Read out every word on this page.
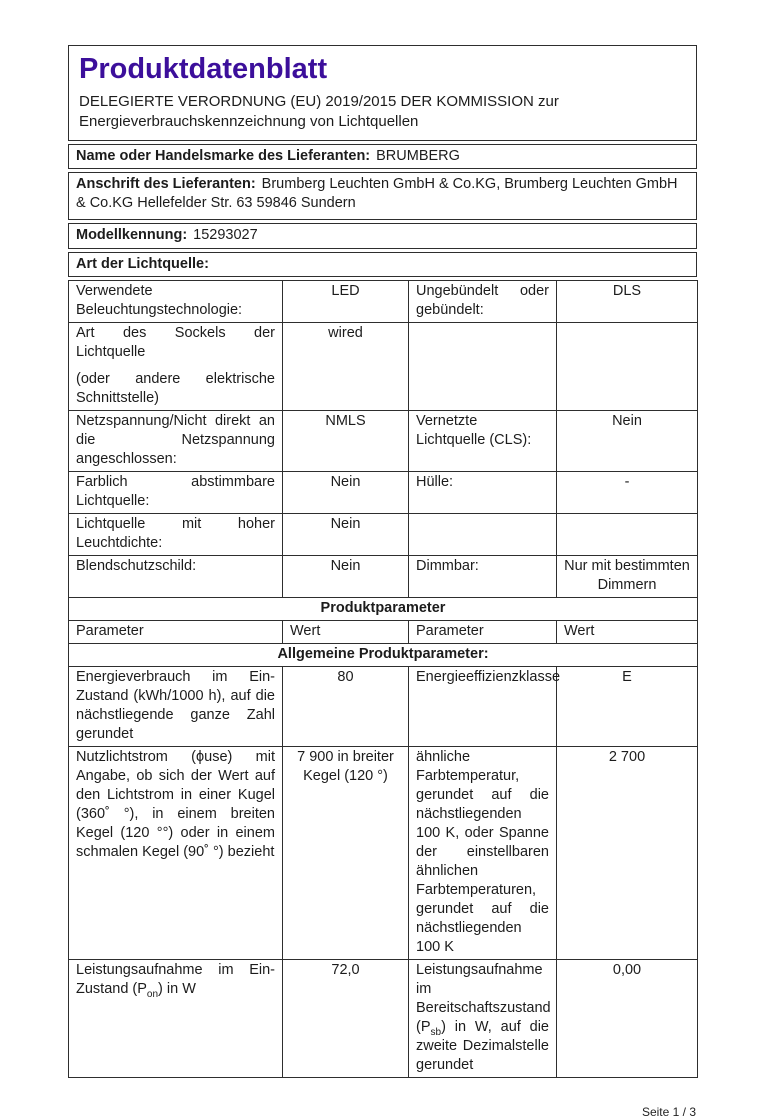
Produktdatenblatt
DELEGIERTE VERORDNUNG (EU) 2019/2015 DER KOMMISSION zur Energieverbrauchskennzeichnung von Lichtquellen
Name oder Handelsmarke des Lieferanten: BRUMBERG
Anschrift des Lieferanten: Brumberg Leuchten GmbH & Co.KG, Brumberg Leuchten GmbH & Co.KG Hellefelder Str. 63 59846 Sundern
Modellkennung: 15293027
Art der Lichtquelle:
Verwendete Beleuchtungstechnologie:	LED	Ungebündelt oder gebündelt:	DLS

Art des Sockels der Lichtquelle
(oder andere elektrische Schnittstelle)	wired		
Netzspannung/Nicht direkt an die Netzspannung angeschlossen:	NMLS	Vernetzte Lichtquelle (CLS):	Nein
Farblich abstimmbare Lichtquelle:	Nein	Hülle:	-
Lichtquelle mit hoher Leuchtdichte:	Nein		
Blendschutzschild:	Nein	Dimmbar:	Nur mit bestimmten Dimmern
Produktparameter			
Parameter	Wert	Parameter	Wert
Allgemeine Produktparameter:			
Energieverbrauch im Ein-Zustand (kWh/1000 h), auf die nächstliegende ganze Zahl gerundet	80	Energieeffizienzklasse	E
Nutzlichtstrom (ϕuse) mit Angabe, ob sich der Wert auf den Lichtstrom in einer Kugel (360˚ °), in einem breiten Kegel (120 °°) oder in einem schmalen Kegel (90˚ °) bezieht	7 900 in breiter Kegel (120 °)	ähnliche Farbtemperatur, gerundet auf die nächstliegenden 100 K, oder Spanne der einstellbaren ähnlichen Farbtemperaturen, gerundet auf die nächstliegenden 100 K	2 700
Leistungsaufnahme im Ein-Zustand $(P_{on})$ in W	72,0	Leistungsaufnahme im Bereitschaftszustand $(P_{sb})$ in W, auf die zweite Dezimalstelle gerundet	0,00
Seite 1 / 3
